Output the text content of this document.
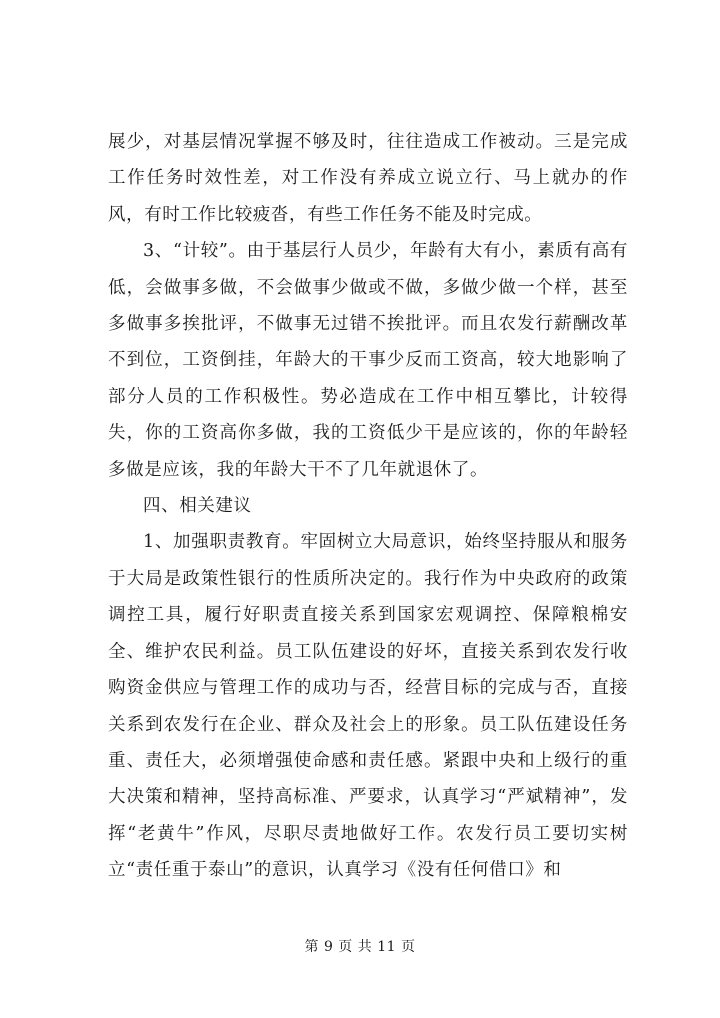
展少，对基层情况掌握不够及时，往往造成工作被动。三是完成工作任务时效性差，对工作没有养成立说立行、马上就办的作风，有时工作比较疲沓，有些工作任务不能及时完成。

3、“计较”。由于基层行人员少，年龄有大有小，素质有高有低，会做事多做，不会做事少做或不做，多做少做一个样，甚至多做事多挨批评，不做事无过错不挨批评。而且农发行薪酬改革不到位，工资倒挂，年龄大的干事少反而工资高，较大地影响了部分人员的工作积极性。势必造成在工作中相互攀比，计较得失，你的工资高你多做，我的工资低少干是应该的，你的年龄轻多做是应该，我的年龄大干不了几年就退休了。

四、相关建议

1、加强职责教育。牢固树立大局意识，始终坚持服从和服务于大局是政策性银行的性质所决定的。我行作为中央政府的政策调控工具，履行好职责直接关系到国家宏观调控、保障粮棉安全、维护农民利益。员工队伍建设的好坏，直接关系到农发行收购资金供应与管理工作的成功与否，经营目标的完成与否，直接关系到农发行在企业、群众及社会上的形象。员工队伍建设任务重、责任大，必须增强使命感和责任感。紧跟中央和上级行的重大决策和精神，坚持高标准、严要求，认真学习“严斌精神”，发挥“老黄牛”作风，尽职尽责地做好工作。农发行员工要切实树立“责任重于泰山”的意识，认真学习《没有任何借口》和

第 9 页 共 11 页
